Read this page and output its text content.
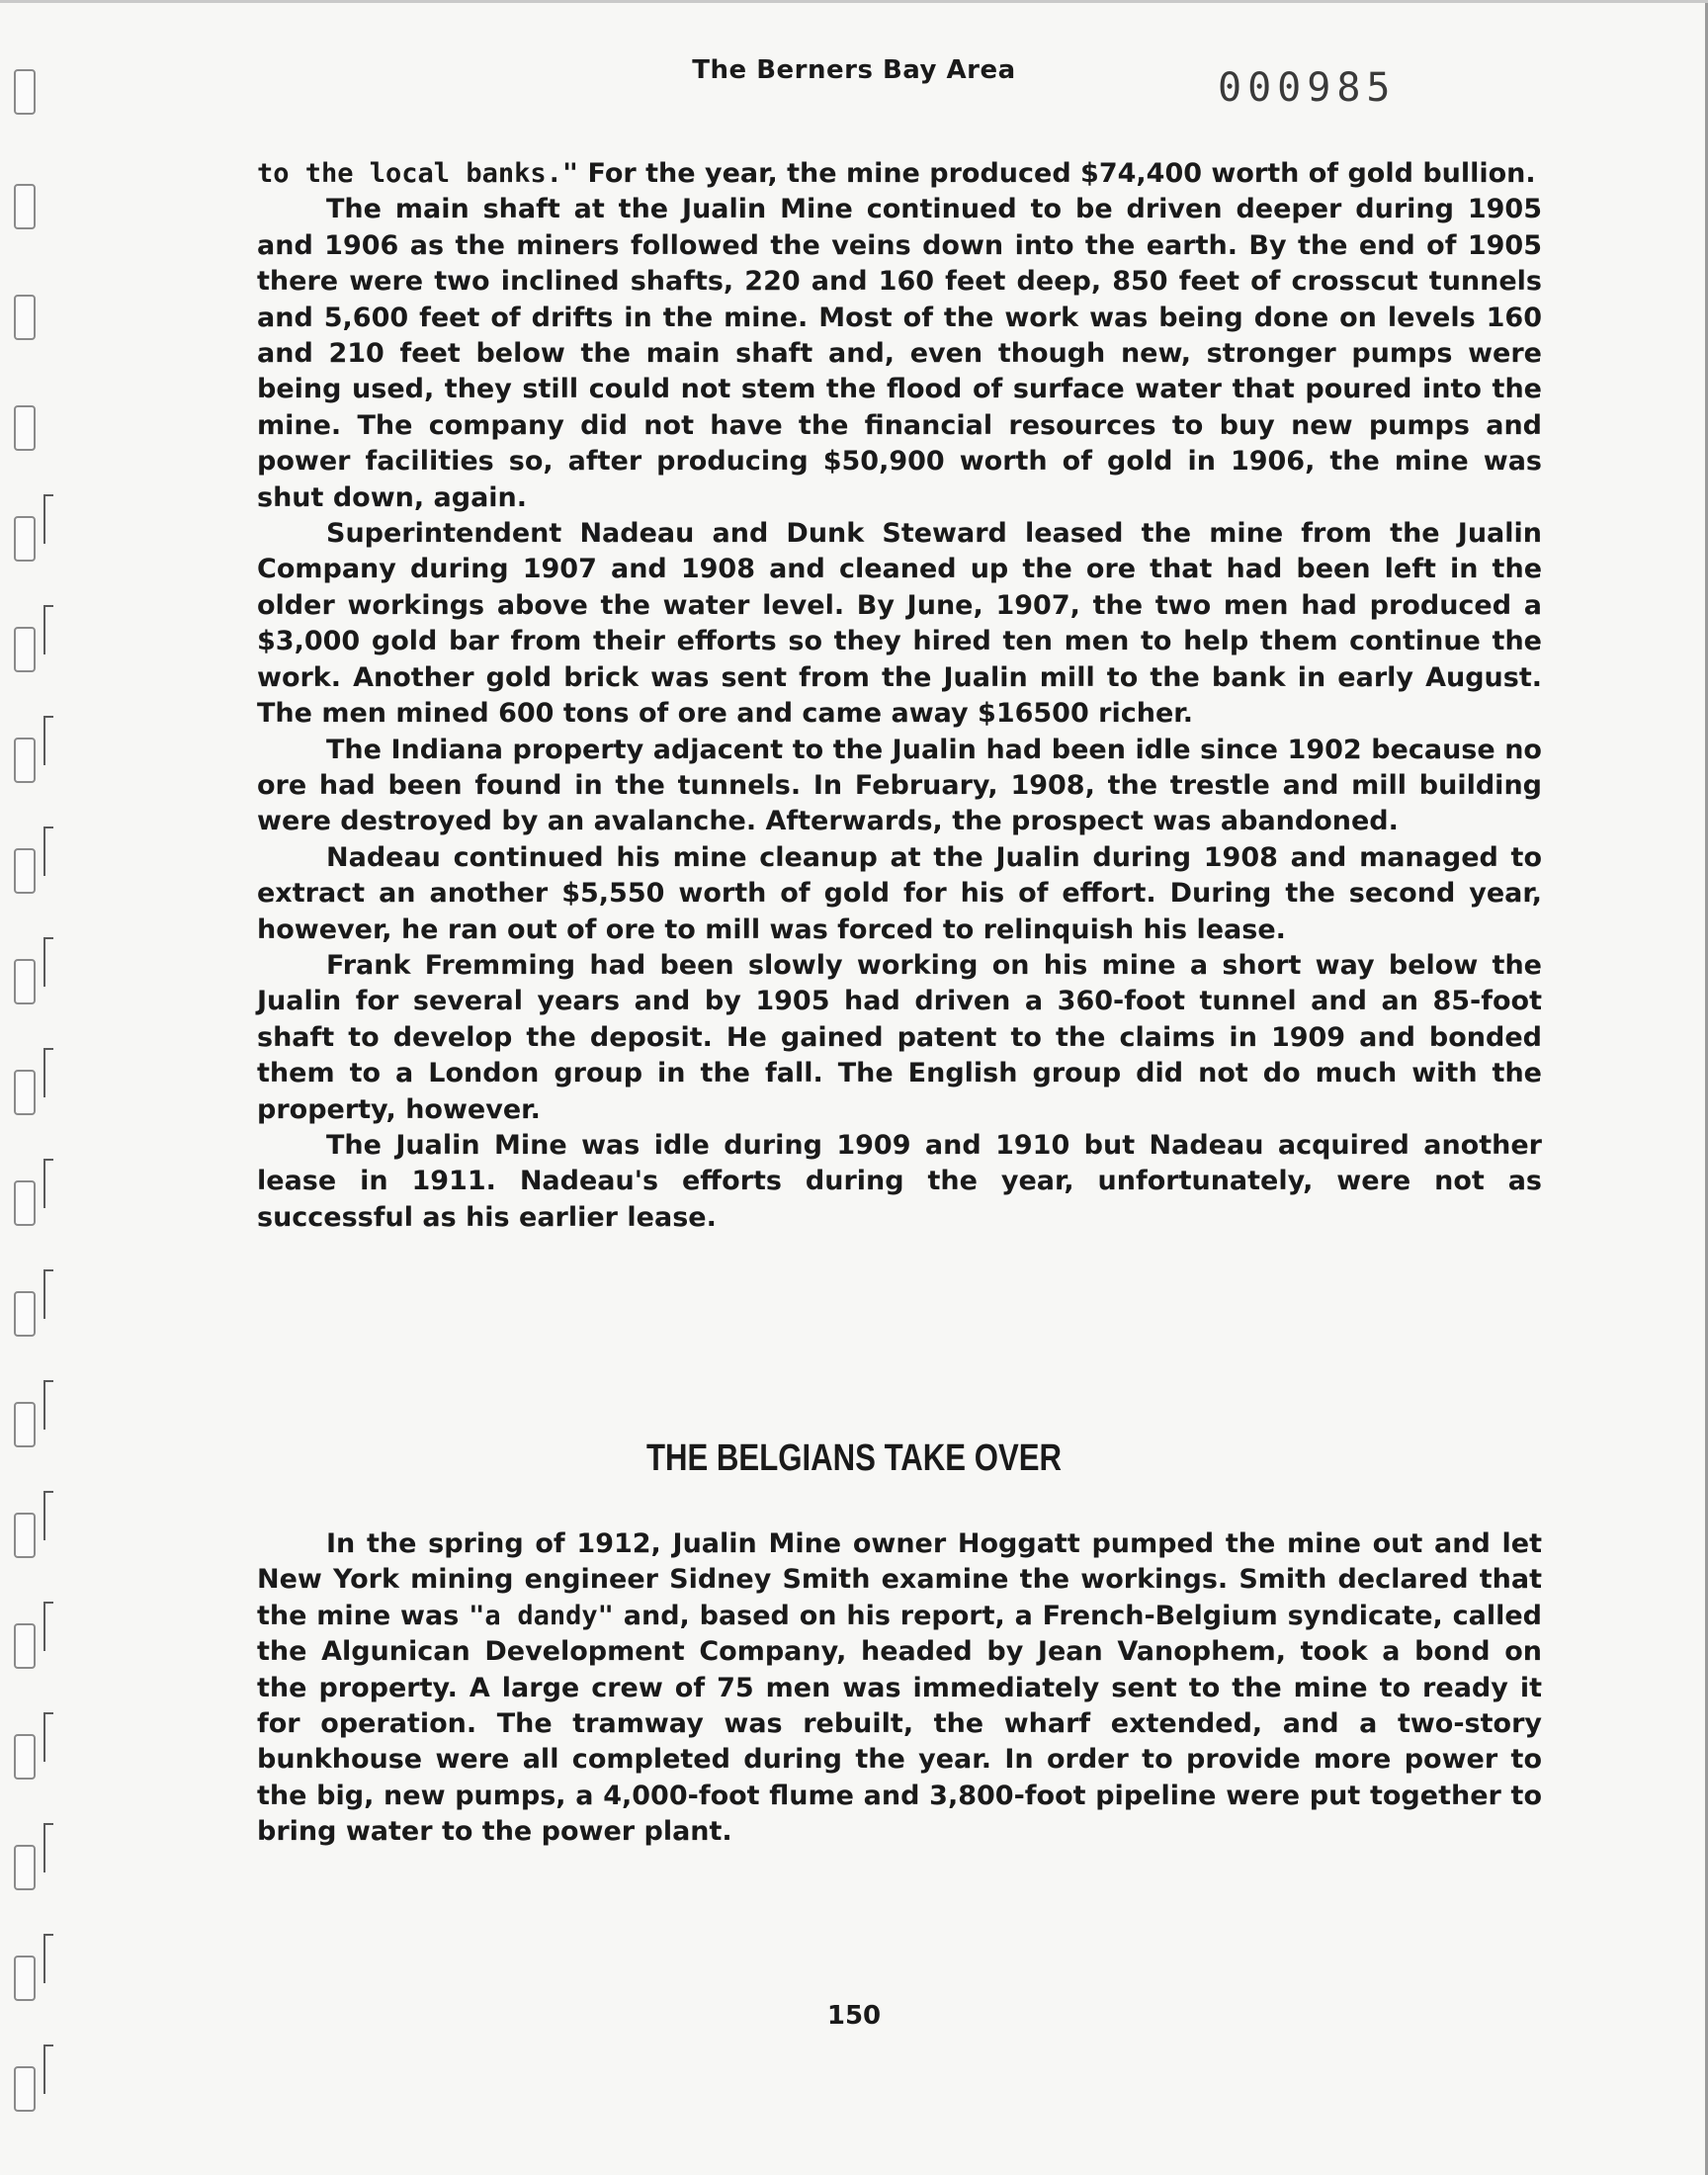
The Berners Bay Area	000985

to the local banks." For the year, the mine produced $74,400 worth of gold bullion.

The main shaft at the Jualin Mine continued to be driven deeper during 1905 and 1906 as the miners followed the veins down into the earth. By the end of 1905 there were two inclined shafts, 220 and 160 feet deep, 850 feet of crosscut tunnels and 5,600 feet of drifts in the mine. Most of the work was being done on levels 160 and 210 feet below the main shaft and, even though new, stronger pumps were being used, they still could not stem the flood of surface water that poured into the mine. The company did not have the financial resources to buy new pumps and power facilities so, after producing $50,900 worth of gold in 1906, the mine was shut down, again.

Superintendent Nadeau and Dunk Steward leased the mine from the Jualin Company during 1907 and 1908 and cleaned up the ore that had been left in the older workings above the water level. By June, 1907, the two men had produced a $3,000 gold bar from their efforts so they hired ten men to help them continue the work. Another gold brick was sent from the Jualin mill to the bank in early August. The men mined 600 tons of ore and came away $16500 richer.

The Indiana property adjacent to the Jualin had been idle since 1902 because no ore had been found in the tunnels. In February, 1908, the trestle and mill building were destroyed by an avalanche. Afterwards, the prospect was abandoned.

Nadeau continued his mine cleanup at the Jualin during 1908 and managed to extract an another $5,550 worth of gold for his of effort. During the second year, however, he ran out of ore to mill was forced to relinquish his lease.

Frank Fremming had been slowly working on his mine a short way below the Jualin for several years and by 1905 had driven a 360-foot tunnel and an 85-foot shaft to develop the deposit. He gained patent to the claims in 1909 and bonded them to a London group in the fall. The English group did not do much with the property, however.

The Jualin Mine was idle during 1909 and 1910 but Nadeau acquired another lease in 1911. Nadeau's efforts during the year, unfortunately, were not as successful as his earlier lease.

THE BELGIANS TAKE OVER

In the spring of 1912, Jualin Mine owner Hoggatt pumped the mine out and let New York mining engineer Sidney Smith examine the workings. Smith declared that the mine was "a dandy" and, based on his report, a French-Belgium syndicate, called the Algunican Development Company, headed by Jean Vanophem, took a bond on the property. A large crew of 75 men was immediately sent to the mine to ready it for operation. The tramway was rebuilt, the wharf extended, and a two-story bunkhouse were all completed during the year. In order to provide more power to the big, new pumps, a 4,000-foot flume and 3,800-foot pipeline were put together to bring water to the power plant.

150
